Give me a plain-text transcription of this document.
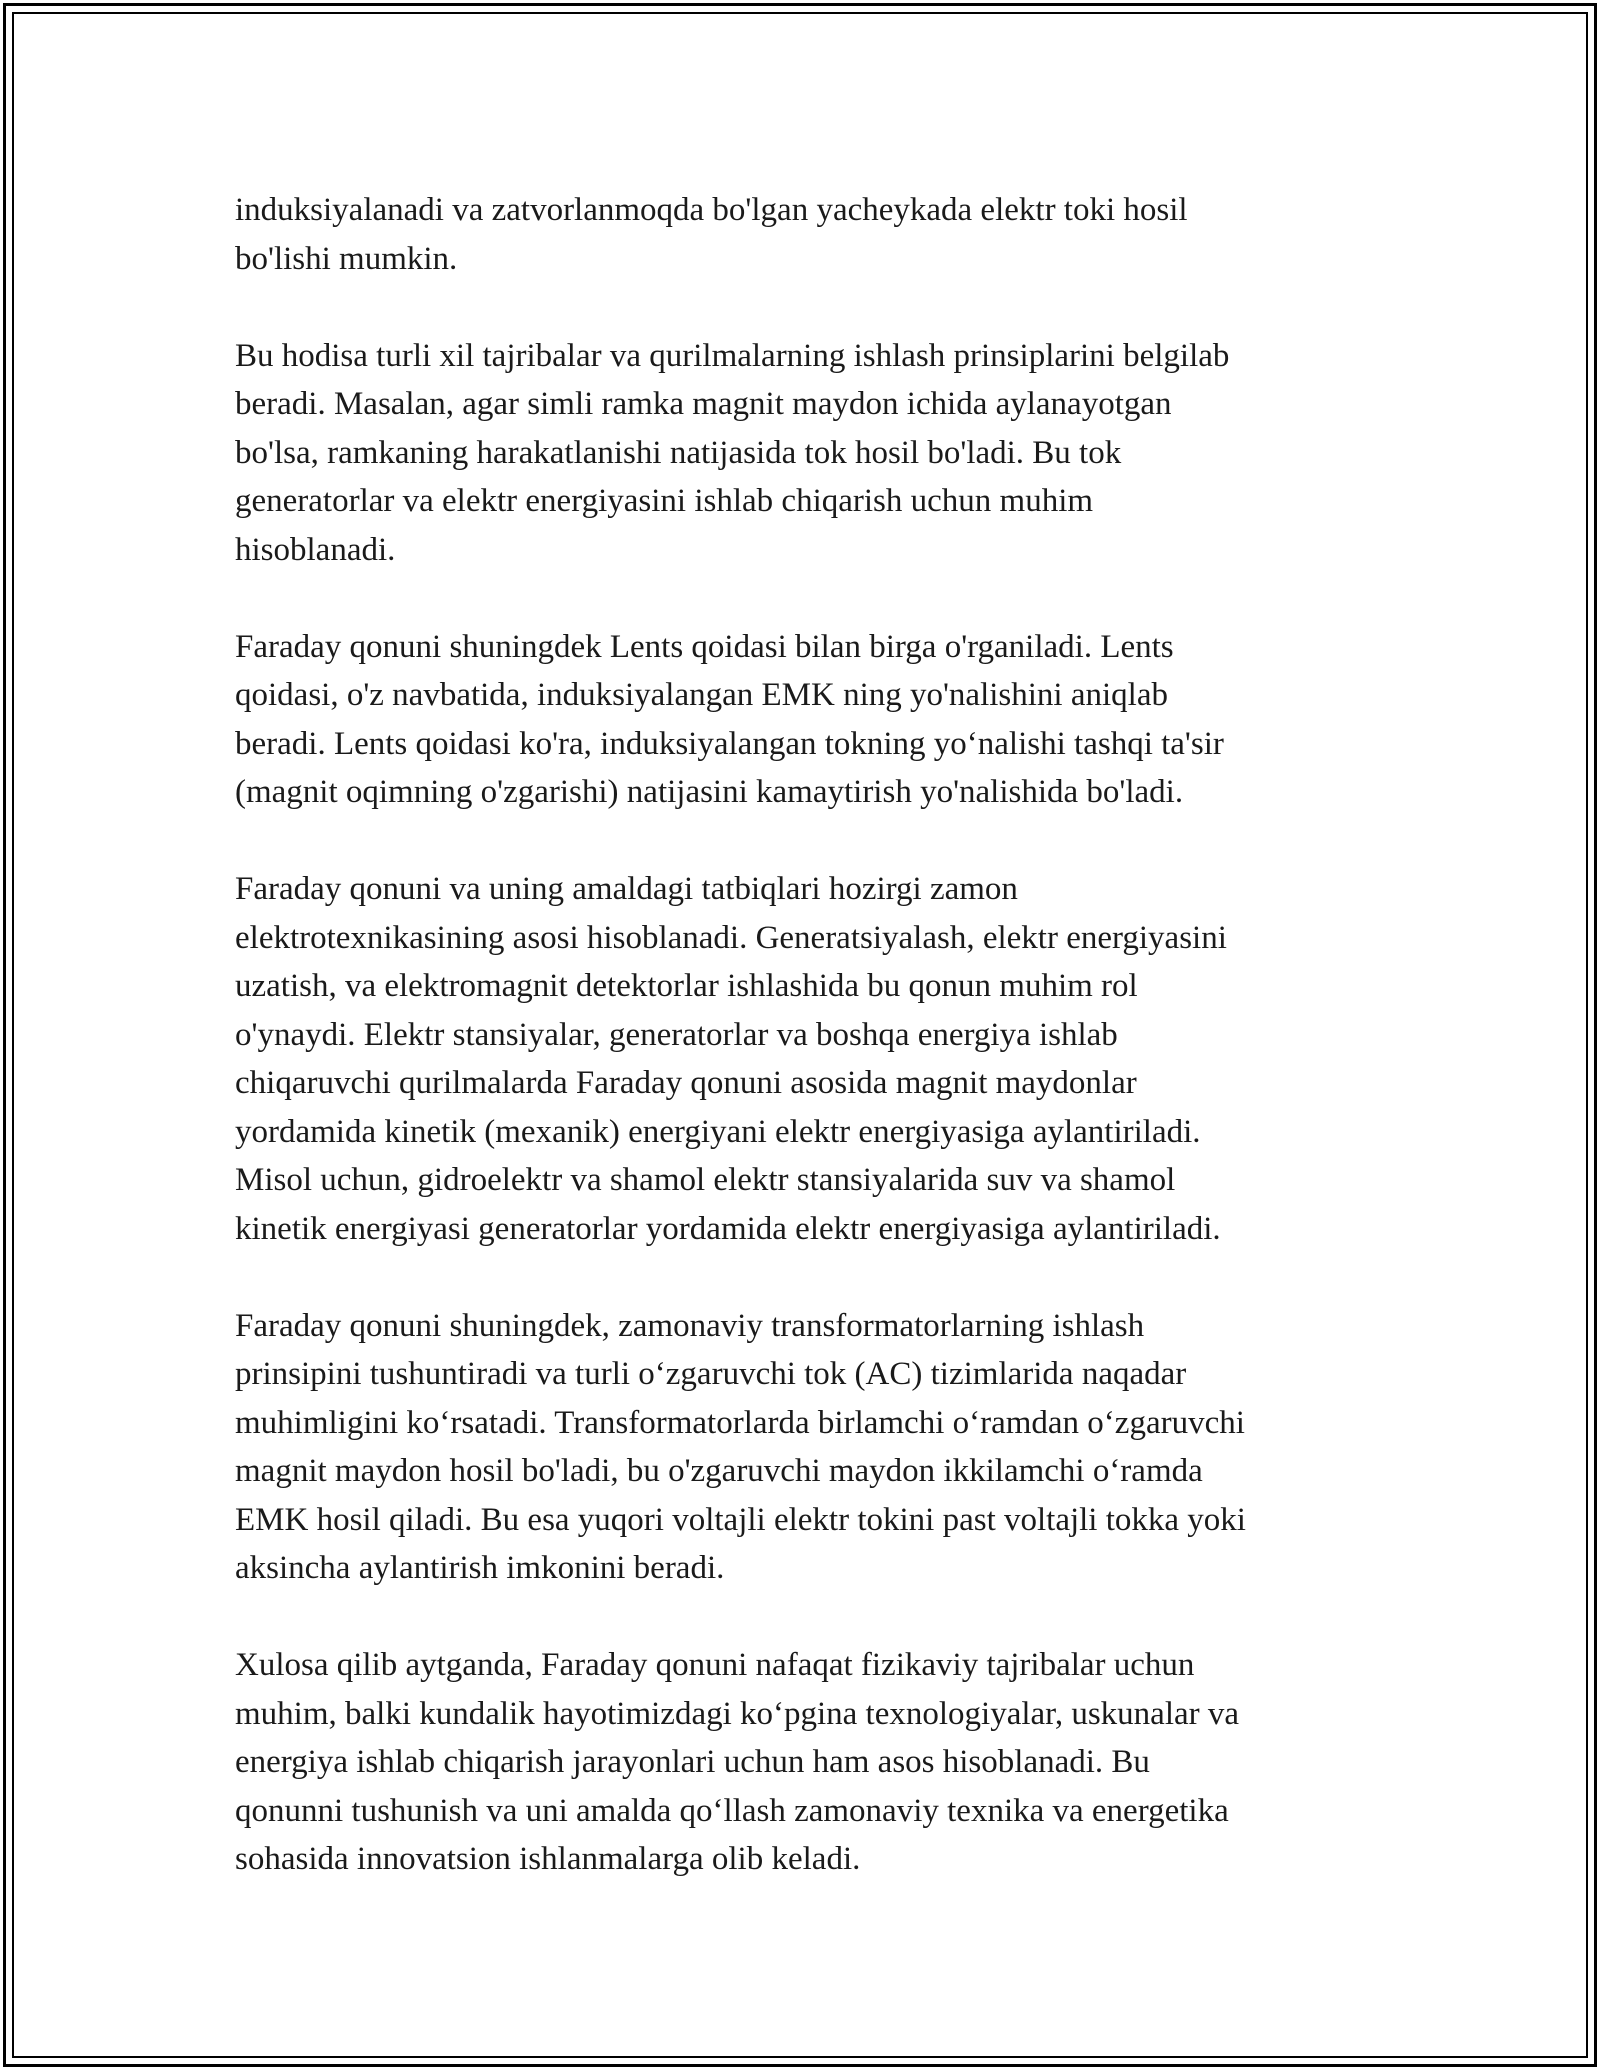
induksiyalanadi va zatvorlanmoqda bo'lgan yacheykada elektr toki hosil
bo'lishi mumkin.

Bu hodisa turli xil tajribalar va qurilmalarning ishlash prinsiplarini belgilab
beradi. Masalan, agar simli ramka magnit maydon ichida aylanayotgan
bo'lsa, ramkaning harakatlanishi natijasida tok hosil bo'ladi. Bu tok
generatorlar va elektr energiyasini ishlab chiqarish uchun muhim
hisoblanadi.

Faraday qonuni shuningdek Lents qoidasi bilan birga o'rganiladi. Lents
qoidasi, o'z navbatida, induksiyalangan EMK ning yo'nalishini aniqlab
beradi. Lents qoidasi ko'ra, induksiyalangan tokning yo‘nalishi tashqi ta'sir
(magnit oqimning o'zgarishi) natijasini kamaytirish yo'nalishida bo'ladi.

Faraday qonuni va uning amaldagi tatbiqlari hozirgi zamon
elektrotexnikasining asosi hisoblanadi. Generatsiyalash, elektr energiyasini
uzatish, va elektromagnit detektorlar ishlashida bu qonun muhim rol
o'ynaydi. Elektr stansiyalar, generatorlar va boshqa energiya ishlab
chiqaruvchi qurilmalarda Faraday qonuni asosida magnit maydonlar
yordamida kinetik (mexanik) energiyani elektr energiyasiga aylantiriladi.
Misol uchun, gidroelektr va shamol elektr stansiyalarida suv va shamol
kinetik energiyasi generatorlar yordamida elektr energiyasiga aylantiriladi.

Faraday qonuni shuningdek, zamonaviy transformatorlarning ishlash
prinsipini tushuntiradi va turli o‘zgaruvchi tok (AC) tizimlarida naqadar
muhimligini ko‘rsatadi. Transformatorlarda birlamchi o‘ramdan o‘zgaruvchi
magnit maydon hosil bo'ladi, bu o'zgaruvchi maydon ikkilamchi o‘ramda
EMK hosil qiladi. Bu esa yuqori voltajli elektr tokini past voltajli tokka yoki
aksincha aylantirish imkonini beradi.

Xulosa qilib aytganda, Faraday qonuni nafaqat fizikaviy tajribalar uchun
muhim, balki kundalik hayotimizdagi ko‘pgina texnologiyalar, uskunalar va
energiya ishlab chiqarish jarayonlari uchun ham asos hisoblanadi. Bu
qonunni tushunish va uni amalda qo‘llash zamonaviy texnika va energetika
sohasida innovatsion ishlanmalarga olib keladi.
